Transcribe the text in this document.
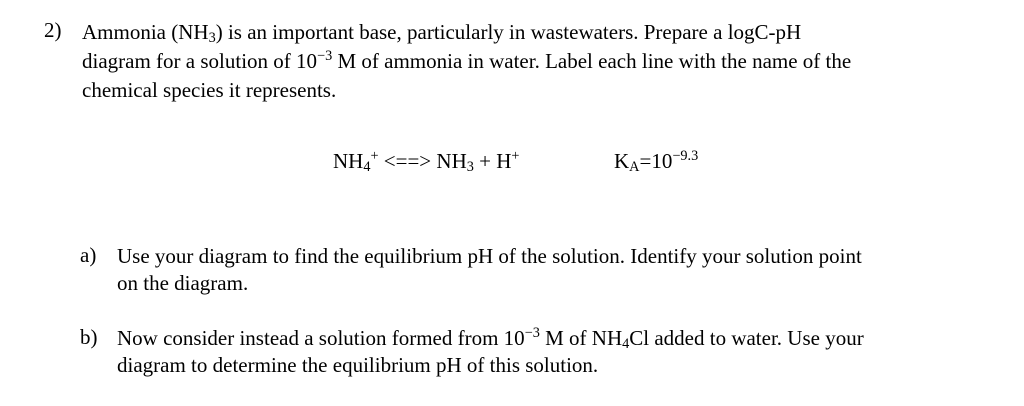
2) Ammonia $(NH_3)$ is an important base, particularly in wastewaters. Prepare a logC-pH
diagram for a solution of $10^{-3}$ M of ammonia in water. Label each line with the name of the
chemical species it represents.
$NH_4^+$ <==> $NH_3 + H^+$	$KA=10^{-9.3}$
a) Use your diagram to find the equilibrium pH of the solution. Identify your solution point
on the diagram.
b) Now consider instead a solution formed from $10^{-3}$ M of $NH_4Cl$ added to water. Use your
diagram to determine the equilibrium pH of this solution.
